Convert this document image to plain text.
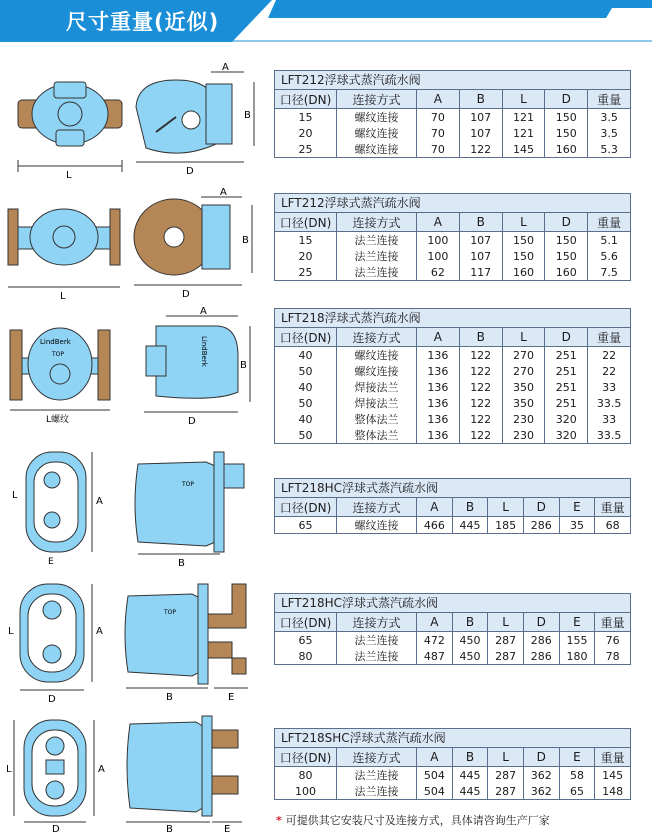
尺寸重量(近似)
L
A
B
D
LFT212浮球式蒸汽疏水阀
口径(DN)	连接方式	A	B	L	D	重量
15	螺纹连接	70	107	121	150	3.5
20	螺纹连接	70	107	121	150	3.5
25	螺纹连接	70	122	145	160	5.3
L
A
B
D
LFT212浮球式蒸汽疏水阀
口径(DN)	连接方式	A	B	L	D	重量
15	法兰连接	100	107	150	150	5.1
20	法兰连接	100	107	150	150	5.6
25	法兰连接	62	117	160	160	7.5
LindBerk
TOP
L螺纹
LindBerk
A
B
D
LFT218浮球式蒸汽疏水阀
口径(DN)	连接方式	A	B	L	D	重量
40	螺纹连接	136	122	270	251	22
50	螺纹连接	136	122	270	251	22
40	焊接法兰	136	122	350	251	33
50	焊接法兰	136	122	350	251	33.5
40	整体法兰	136	122	230	320	33
50	整体法兰	136	122	230	320	33.5
A
L
E
TOP
B
LFT218HC浮球式蒸汽疏水阀
口径(DN)	连接方式	A	B	L	D	E	重量
65	螺纹连接	466	445	185	286	35	68
A
L
D
TOP
B	E
LFT218HC浮球式蒸汽疏水阀
口径(DN)	连接方式	A	B	L	D	E	重量
65	法兰连接	472	450	287	286	155	76
80	法兰连接	487	450	287	286	180	78
L	A
D	B	E
LFT218SHC浮球式蒸汽疏水阀
口径(DN)	连接方式	A	B	L	D	E	重量
80	法兰连接	504	445	287	362	58	145
100	法兰连接	504	445	287	362	65	148
* 可提供其它安装尺寸及连接方式，具体请咨询生产厂家
